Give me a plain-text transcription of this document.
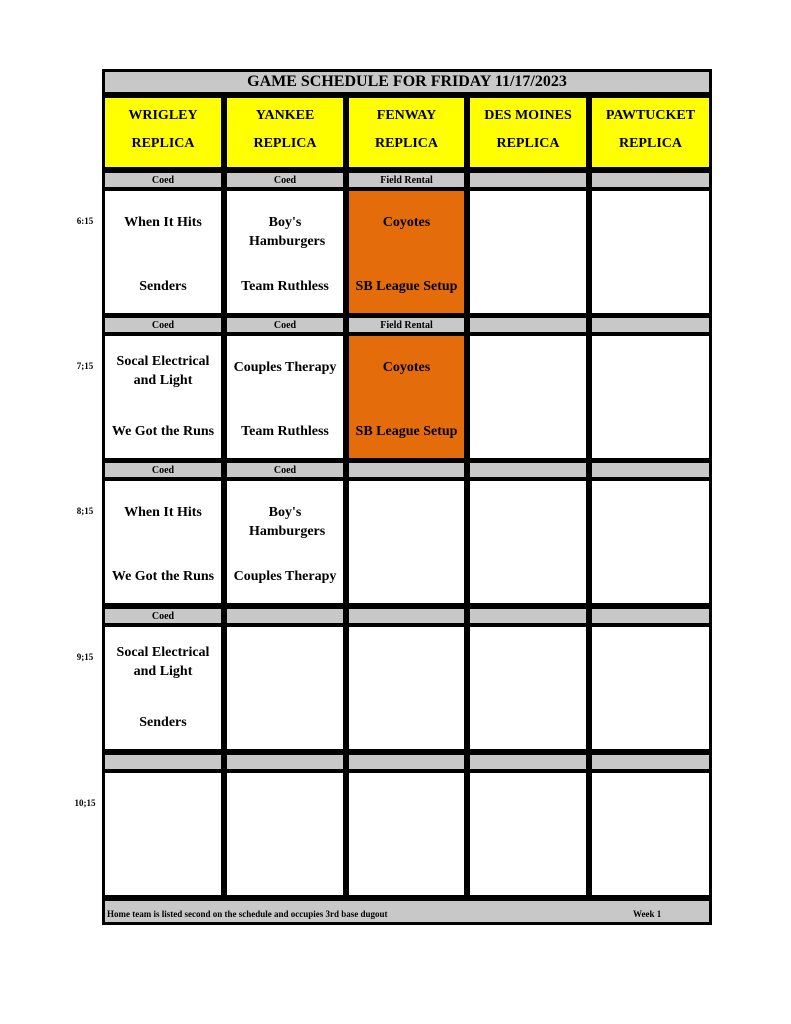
GAME SCHEDULE FOR FRIDAY 11/17/2023
WRIGLEY
REPLICA
YANKEE
REPLICA
FENWAY
REPLICA
DES MOINES
REPLICA
PAWTUCKET
REPLICA
6:15
Coed
When It Hits
Senders
Coed
Boy's Hamburgers
Team Ruthless
Field Rental
Coyotes
SB League Setup
7;15
Coed
Socal Electrical and Light
We Got the Runs
Coed
Couples Therapy
Team Ruthless
Field Rental
Coyotes
SB League Setup
8;15
Coed
When It Hits
We Got the Runs
Coed
Boy's Hamburgers
Couples Therapy
9;15
Coed
Socal Electrical and Light
Senders
10;15
Home team is listed second on the schedule and occupies 3rd base dugout	Week 1
